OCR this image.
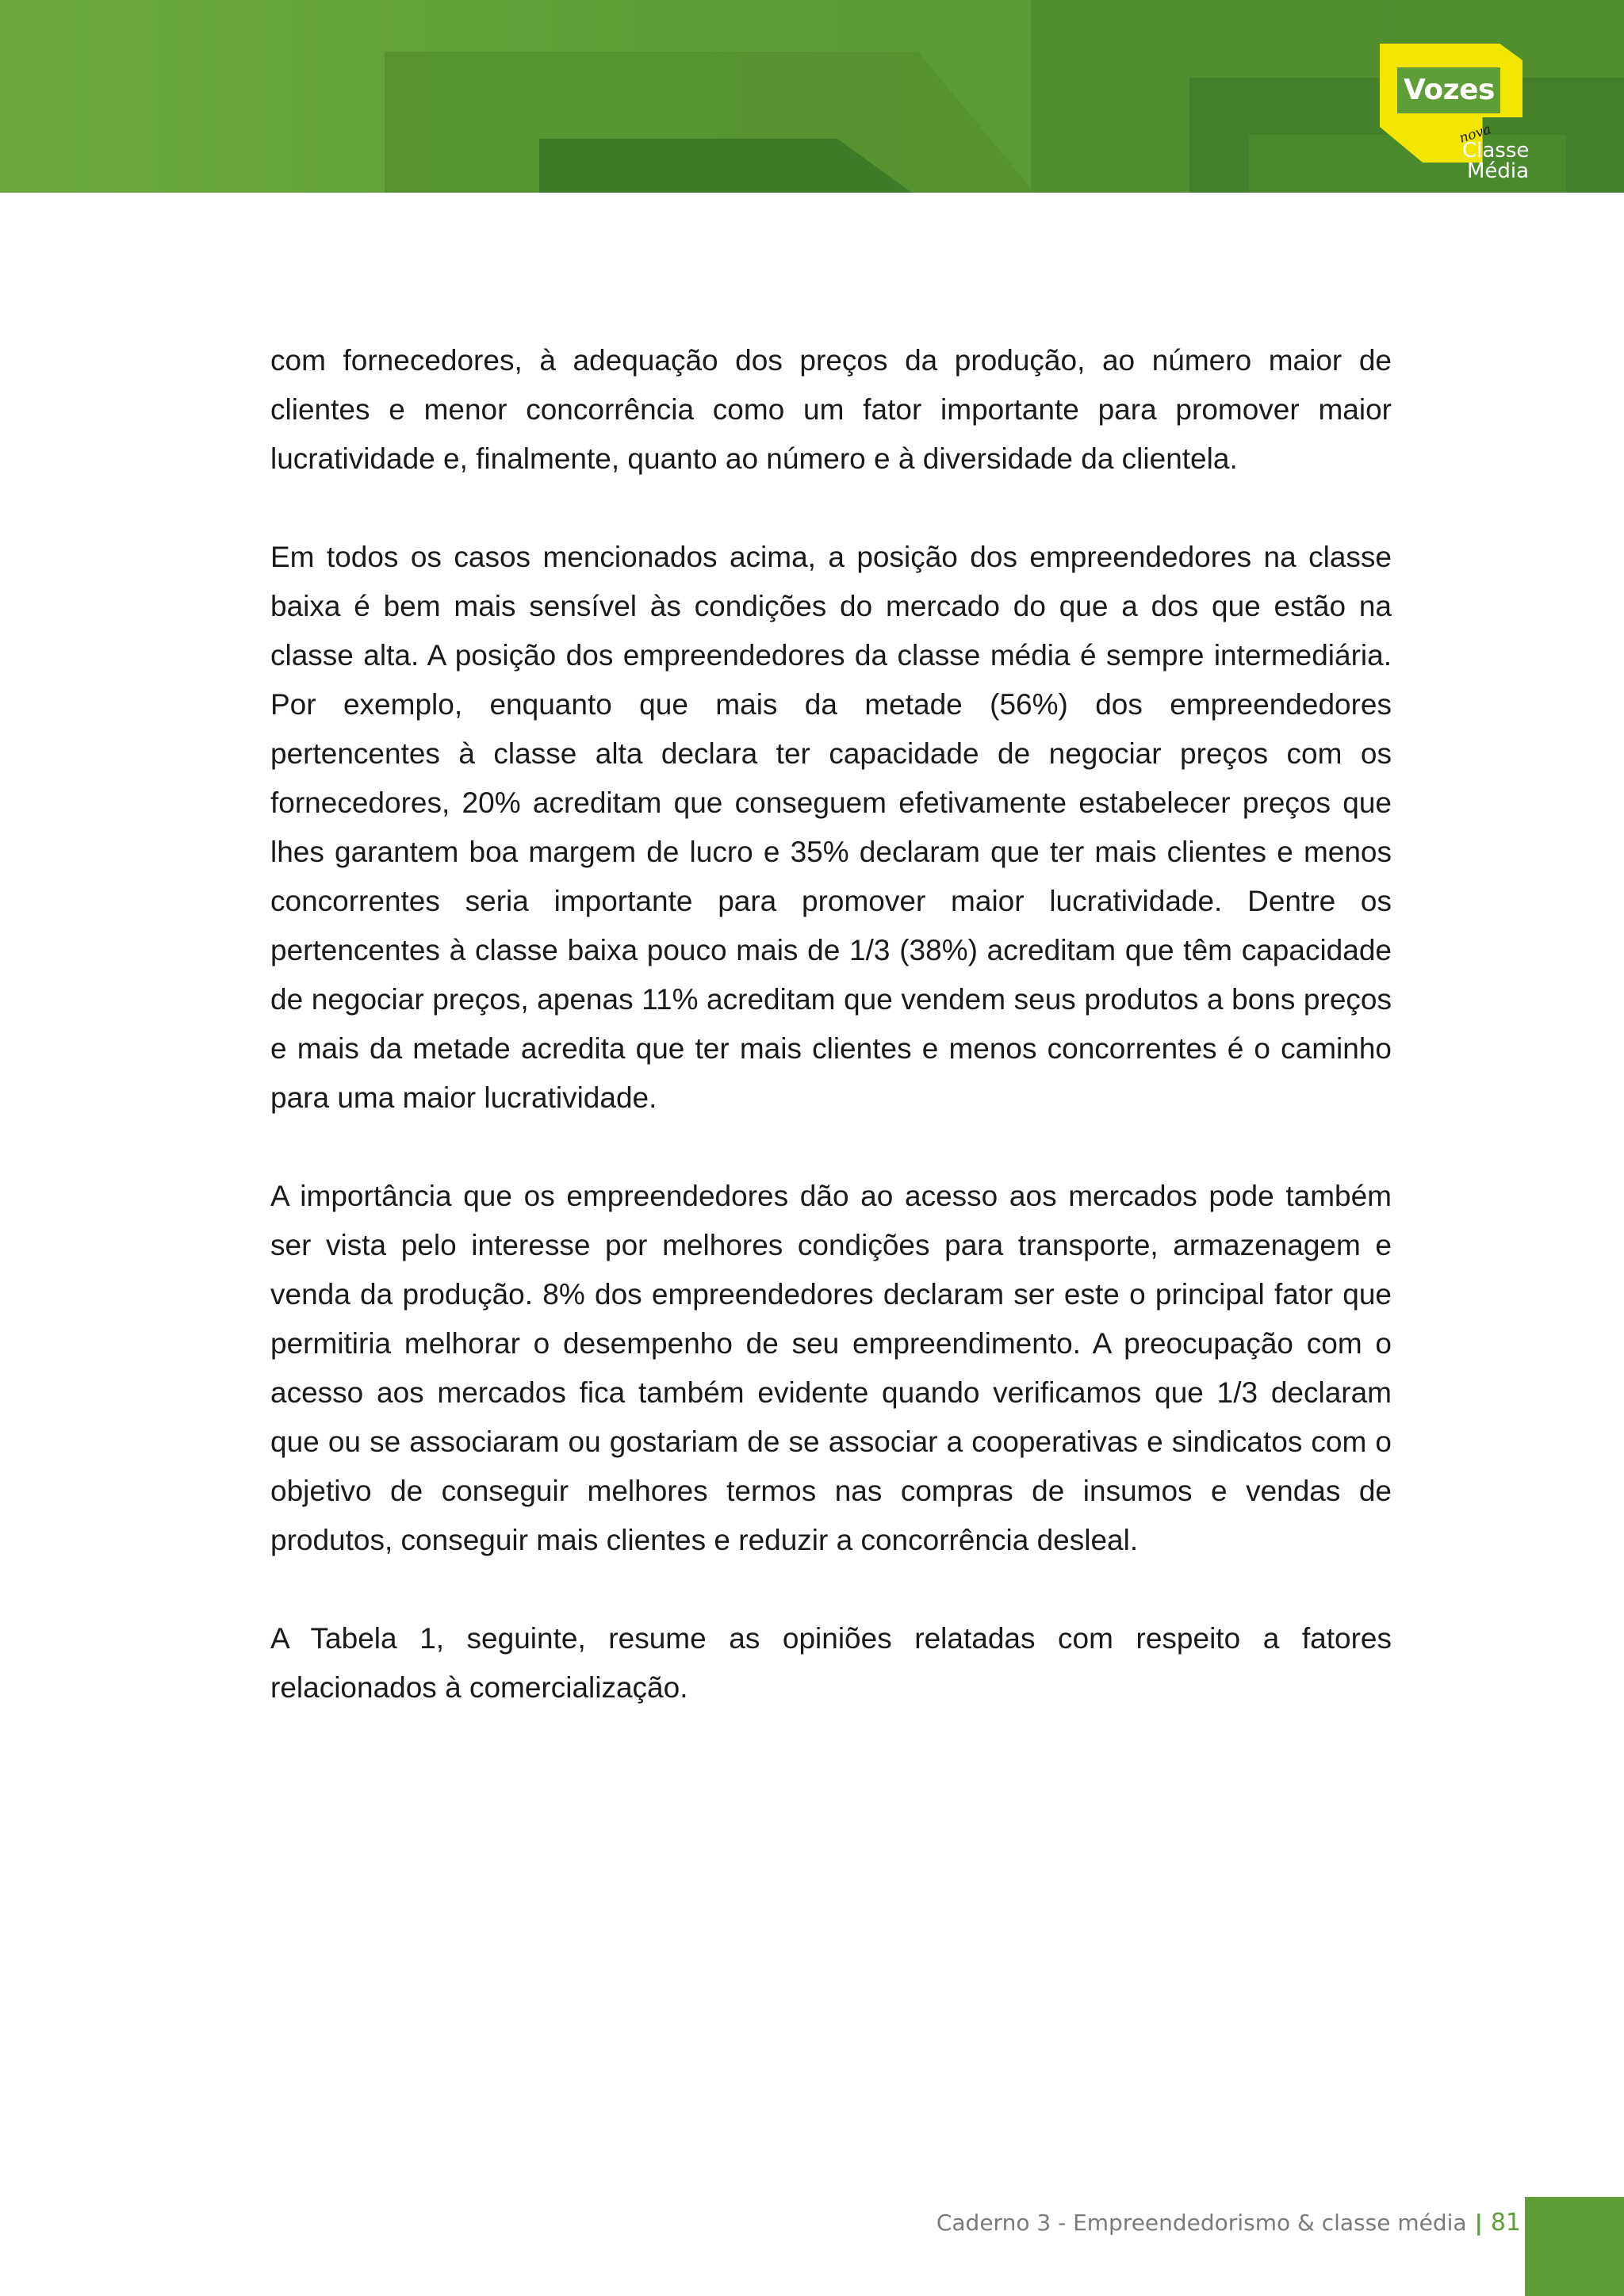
Vozes
nova
da Classe
Média

com fornecedores, à adequação dos preços da produção, ao número maior de clientes e menor concorrência como um fator importante para promover maior lucratividade e, finalmente, quanto ao número e à diversidade da clientela.

Em todos os casos mencionados acima, a posição dos empreendedores na classe baixa é bem mais sensível às condições do mercado do que a dos que estão na classe alta. A posição dos empreendedores da classe média é sempre intermediária. Por exemplo, enquanto que mais da metade (56%) dos empreendedores pertencentes à classe alta declara ter capacidade de negociar preços com os fornecedores, 20% acreditam que conseguem efetivamente estabelecer preços que lhes garantem boa margem de lucro e 35% declaram que ter mais clientes e menos concorrentes seria importante para promover maior lucratividade. Dentre os pertencentes à classe baixa pouco mais de 1/3 (38%) acreditam que têm capacidade de negociar preços, apenas 11% acreditam que vendem seus produtos a bons preços e mais da metade acredita que ter mais clientes e menos concorrentes é o caminho para uma maior lucratividade.

A importância que os empreendedores dão ao acesso aos mercados pode também ser vista pelo interesse por melhores condições para transporte, armazenagem e venda da produção. 8% dos empreendedores declaram ser este o principal fator que permitiria melhorar o desempenho de seu empreendimento. A preocupação com o acesso aos mercados fica também evidente quando verificamos que 1/3 declaram que ou se associaram ou gostariam de se associar a cooperativas e sindicatos com o objetivo de conseguir melhores termos nas compras de insumos e vendas de produtos, conseguir mais clientes e reduzir a concorrência desleal.

A Tabela 1, seguinte, resume as opiniões relatadas com respeito a fatores relacionados à comercialização.

Caderno 3 - Empreendedorismo & classe média | 81
